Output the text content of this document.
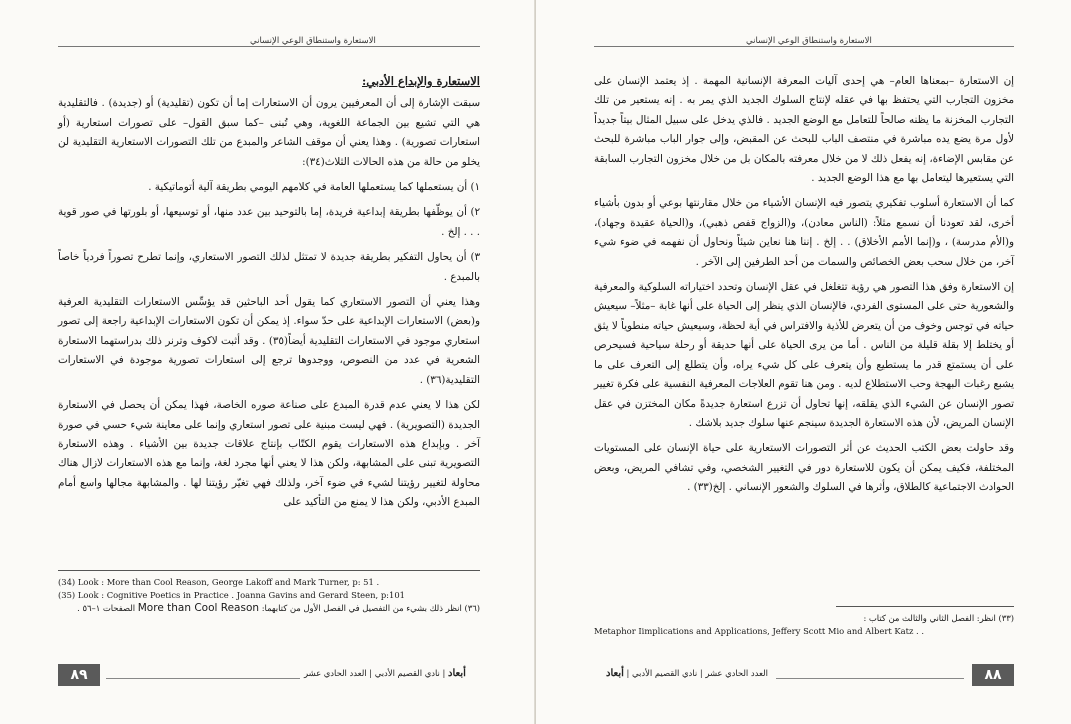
الاستعارة واستنطاق الوعي الإنساني
الاستعارة والإبداع الأدبي:

سبقت الإشارة إلى أن المعرفيين يرون أن الاستعارات إما أن تكون (تقليدية) أو (جديدة) . فالتقليدية هي التي تشيع بين الجماعة اللغوية، وهي تُبنى –كما سبق القول– على تصورات استعارية (أو استعارات تصورية) . وهذا يعني أن موقف الشاعر والمبدع من تلك التصورات الاستعارية التقليدية لن يخلو من حالة من هذه الحالات الثلاث(٣٤):

١) أن يستعملها كما يستعملها العامة في كلامهم اليومي بطريقة آلية أتوماتيكية .

٢) أن يوظّفها بطريقة إبداعية فريدة، إما بالتوحيد بين عدد منها، أو توسيعها، أو بلورتها في صور قوية . . . إلخ .

٣) أن يحاول التفكير بطريقة جديدة لا تمتثل لذلك التصور الاستعاري، وإنما تطرح تصوراً فردياً خاصاً بالمبدع .

وهذا يعني أن التصور الاستعاري كما يقول أحد الباحثين قد يؤسِّس الاستعارات التقليدية العرفية و(بعض) الاستعارات الإبداعية على حدّ سواء. إذ يمكن أن تكون الاستعارات الإبداعية راجعة إلى تصور استعاري موجود في الاستعارات التقليدية أيضاً(٣٥) . وقد أثبت لاكوف وترنر ذلك بدراستهما الاستعارة الشعرية في عدد من النصوص، ووجدوها ترجع إلى استعارات تصورية موجودة في الاستعارات التقليدية(٣٦) .

لكن هذا لا يعني عدم قدرة المبدع على صناعة صوره الخاصة، فهذا يمكن أن يحصل في الاستعارة الجديدة (التصويرية) . فهي ليست مبنية على تصور استعاري وإنما على معاينة شيء حسي في صورة آخر . وبإبداع هذه الاستعارات يقوم الكتّاب بإنتاج علاقات جديدة بين الأشياء . وهذه الاستعارة التصويرية تبنى على المشابهة، ولكن هذا لا يعني أنها مجرد لغة، وإنما مع هذه الاستعارات لازال هناك محاولة لتغيير رؤيتنا لشيء في ضوء آخر، ولذلك فهي تغيّر رؤيتنا لها . والمشابهة مجالها واسع أمام المبدع الأدبي، ولكن هذا لا يمنع من التأكيد على

(34) Look : More than Cool Reason, George Lakoff and Mark Turner, p: 51 .
(35) Look : Cognitive Poetics in Practice . Joanna Gavins and Gerard Steen, p:101
(٣٦) انظر ذلك بشيء من التفصيل في الفصل الأول من كتابهما: More than Cool Reason الصفحات ١–٥٦ .
٨٩	أبعاد | نادي القصيم الأدبي | العدد الحادي عشر
الاستعارة واستنطاق الوعي الإنساني

إن الاستعارة –بمعناها العام– هي إحدى آليات المعرفة الإنسانية المهمة . إذ يعتمد الإنسان على مخزون التجارب التي يحتفظ بها في عقله لإنتاج السلوك الجديد الذي يمر به . إنه يستعير من تلك التجارب المخزنة ما يظنه صالحاً للتعامل مع الوضع الجديد . فالذي يدخل على سبيل المثال بيتاً جديداً لأول مرة يضع يده مباشرة في منتصف الباب للبحث عن المقبض، وإلى جوار الباب مباشرة للبحث عن مقابس الإضاءة، إنه يفعل ذلك لا من خلال معرفته بالمكان بل من خلال مخزون التجارب السابقة التي يستعيرها ليتعامل بها مع هذا الوضع الجديد .

كما أن الاستعارة أسلوب تفكيري يتصور فيه الإنسان الأشياء من خلال مقارنتها بوعي أو بدون بأشياء أخرى، لقد تعودنا أن نسمع مثلاً: (الناس معادن)، و(الزواج قفص ذهبي)، و(الحياة عقيدة وجهاد)، و(الأم مدرسة) ، و(إنما الأمم الأخلاق) . . إلخ . إننا هنا نعاين شيئاً ونحاول أن نفهمه في ضوء شيء آخر، من خلال سحب بعض الخصائص والسمات من أحد الطرفين إلى الآخر .

إن الاستعارة وفق هذا التصور هي رؤية تتغلغل في عقل الإنسان وتحدد اختياراته السلوكية والمعرفية والشعورية حتى على المستوى الفردي، فالإنسان الذي ينظر إلى الحياة على أنها غابة –مثلاً– سيعيش حياته في توجس وخوف من أن يتعرض للأذية والافتراس في أية لحظة، وسيعيش حياته منطوياً لا يثق أو يختلط إلا بقلة قليلة من الناس . أما من يرى الحياة على أنها حديقة أو رحلة سياحية فسيحرص على أن يستمتع قدر ما يستطيع وأن يتعرف على كل شيء يراه، وأن يتطلع إلى التعرف على ما يشبع رغبات البهجة وحب الاستطلاع لديه . ومن هنا تقوم العلاجات المعرفية النفسية على فكرة تغيير تصور الإنسان عن الشيء الذي يقلقه، إنها تحاول أن تزرع استعارة جديدةً مكان المختزن في عقل الإنسان المريض، لأن هذه الاستعارة الجديدة سينجم عنها سلوك جديد بلاشك .

وقد حاولت بعض الكتب الحديث عن أثر التصورات الاستعارية على حياة الإنسان على المستويات المختلفة، فكيف يمكن أن يكون للاستعارة دور في التغيير الشخصي، وفي تشافي المريض، وبعض الحوادث الاجتماعية كالطلاق، وأثرها في السلوك والشعور الإنساني . إلخ(٣٣) .

(٣٣) انظر: الفصل الثاني والثالث من كتاب :
Metaphor Iimplications and Applications, Jeffery Scott Mio and Albert Katz . .
العدد الحادي عشر | نادي القصيم الأدبي | أبعاد	٨٨
